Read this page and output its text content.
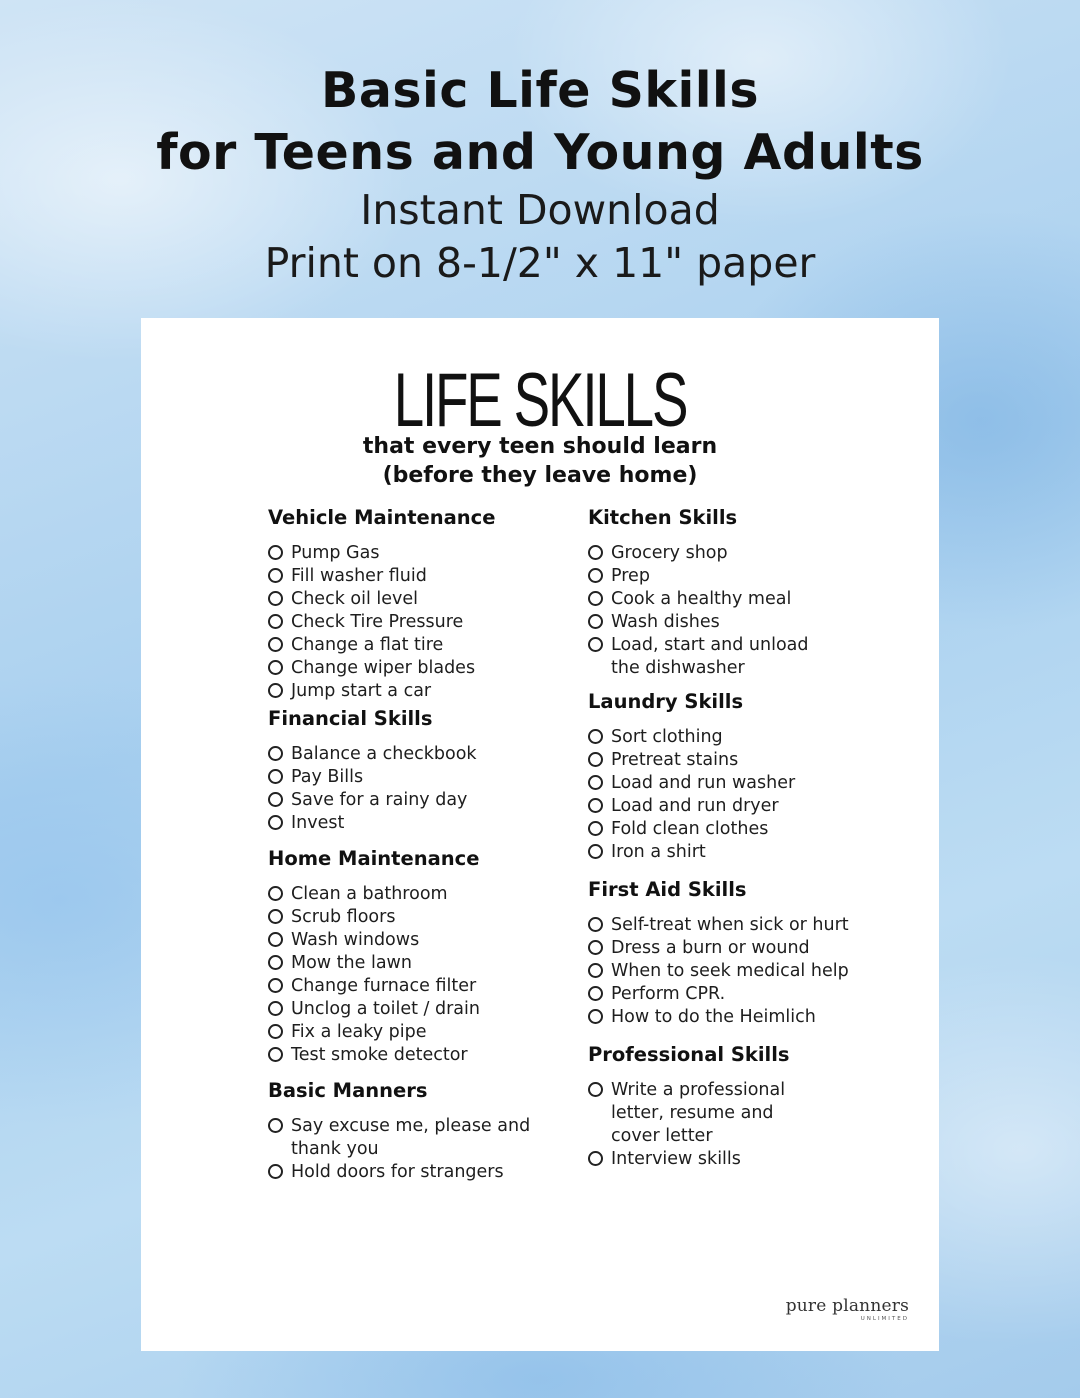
Basic Life Skills

for Teens and Young Adults

Instant Download

Print on 8-1/2" x 11" paper

LIFE SKILLS
that every teen should learn
(before they leave home)
Vehicle Maintenance
Pump Gas
Fill washer fluid
Check oil level
Check Tire Pressure
Change a flat tire
Change wiper blades
Jump start a car
Financial Skills
Balance a checkbook
Pay Bills
Save for a rainy day
Invest
Home Maintenance
Clean a bathroom
Scrub floors
Wash windows
Mow the lawn
Change furnace filter
Unclog a toilet / drain
Fix a leaky pipe
Test smoke detector
Basic Manners
Say excuse me, please and
thank you
Hold doors for strangers
Kitchen Skills
Grocery shop
Prep
Cook a healthy meal
Wash dishes
Load, start and unload
the dishwasher
Laundry Skills
Sort clothing
Pretreat stains
Load and run washer
Load and run dryer
Fold clean clothes
Iron a shirt
First Aid Skills
Self-treat when sick or hurt
Dress a burn or wound
When to seek medical help
Perform CPR.
How to do the Heimlich
Professional Skills
Write a professional
letter, resume and
cover letter
Interview skills
pure planners
UNLIMITED
